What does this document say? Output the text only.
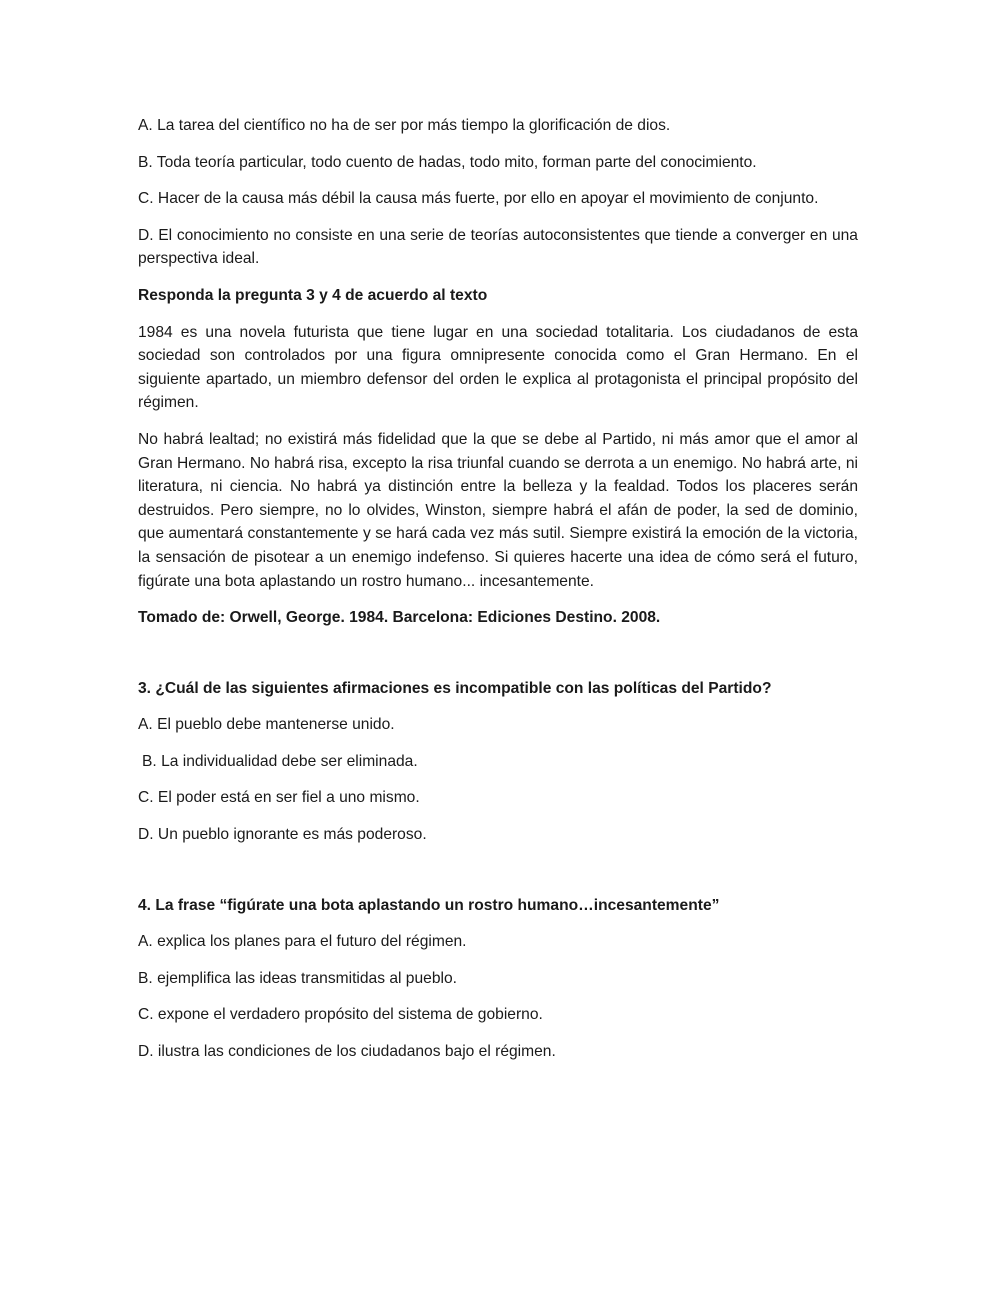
A. La tarea del científico no ha de ser por más tiempo la glorificación de dios.

B. Toda teoría particular, todo cuento de hadas, todo mito, forman parte del conocimiento.

C. Hacer de la causa más débil la causa más fuerte, por ello en apoyar el movimiento de conjunto.

D. El conocimiento no consiste en una serie de teorías autoconsistentes que tiende a converger en una perspectiva ideal.

Responda la pregunta 3 y 4 de acuerdo al texto

1984 es una novela futurista que tiene lugar en una sociedad totalitaria. Los ciudadanos de esta sociedad son controlados por una figura omnipresente conocida como el Gran Hermano. En el siguiente apartado, un miembro defensor del orden le explica al protagonista el principal propósito del régimen.

No habrá lealtad; no existirá más fidelidad que la que se debe al Partido, ni más amor que el amor al Gran Hermano. No habrá risa, excepto la risa triunfal cuando se derrota a un enemigo. No habrá arte, ni literatura, ni ciencia. No habrá ya distinción entre la belleza y la fealdad. Todos los placeres serán destruidos. Pero siempre, no lo olvides, Winston, siempre habrá el afán de poder, la sed de dominio, que aumentará constantemente y se hará cada vez más sutil. Siempre existirá la emoción de la victoria, la sensación de pisotear a un enemigo indefenso. Si quieres hacerte una idea de cómo será el futuro, figúrate una bota aplastando un rostro humano... incesantemente.

Tomado de: Orwell, George. 1984. Barcelona: Ediciones Destino. 2008.

3. ¿Cuál de las siguientes afirmaciones es incompatible con las políticas del Partido?

A. El pueblo debe mantenerse unido.

B. La individualidad debe ser eliminada.

C. El poder está en ser fiel a uno mismo.

D. Un pueblo ignorante es más poderoso.

4. La frase “figúrate una bota aplastando un rostro humano…incesantemente”

A. explica los planes para el futuro del régimen.

B. ejemplifica las ideas transmitidas al pueblo.

C. expone el verdadero propósito del sistema de gobierno.

D. ilustra las condiciones de los ciudadanos bajo el régimen.
